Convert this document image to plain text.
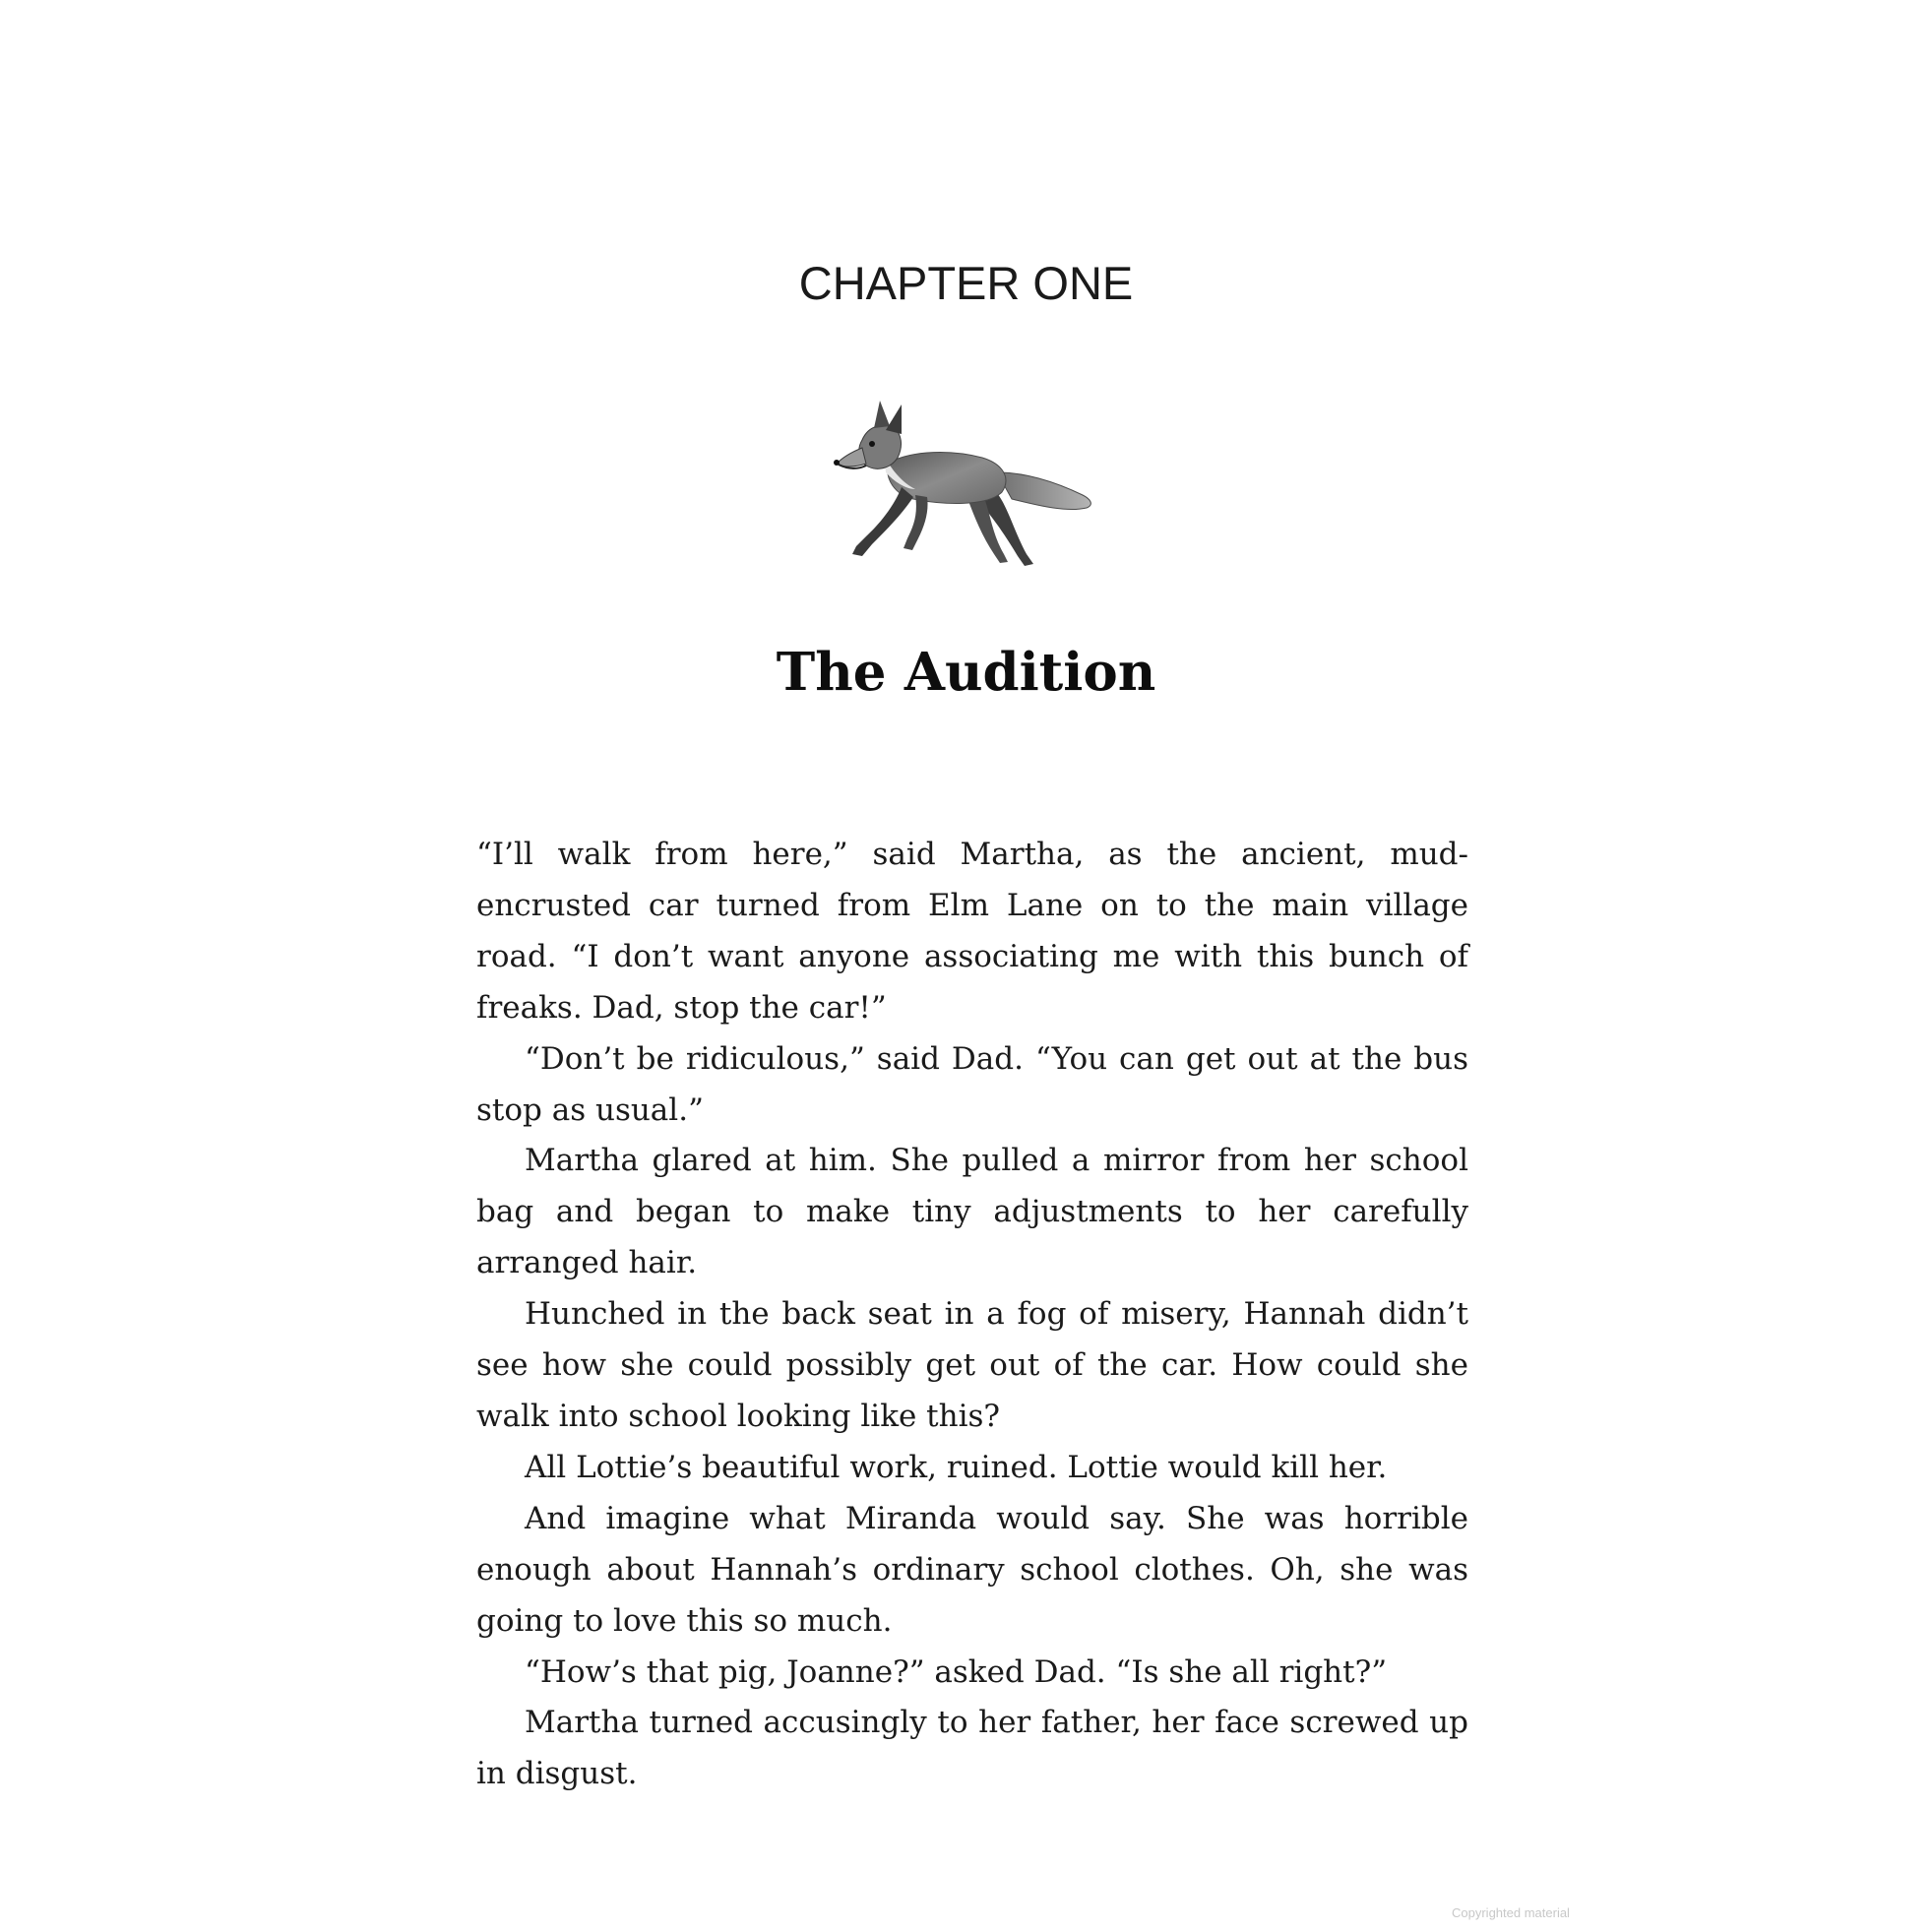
CHAPTER ONE
The Audition

“I’ll walk from here,” said Martha, as the ancient, mud-encrusted car turned from Elm Lane on to the main village road. “I don’t want anyone associating me with this bunch of freaks. Dad, stop the car!”

“Don’t be ridiculous,” said Dad. “You can get out at the bus stop as usual.”

Martha glared at him. She pulled a mirror from her school bag and began to make tiny adjustments to her carefully arranged hair.

Hunched in the back seat in a fog of misery, Hannah didn’t see how she could possibly get out of the car. How could she walk into school looking like this?

All Lottie’s beautiful work, ruined. Lottie would kill her.

And imagine what Miranda would say. She was horrible enough about Hannah’s ordinary school clothes. Oh, she was going to love this so much.

“How’s that pig, Joanne?” asked Dad. “Is she all right?”

Martha turned accusingly to her father, her face screwed up in disgust.

Copyrighted material
